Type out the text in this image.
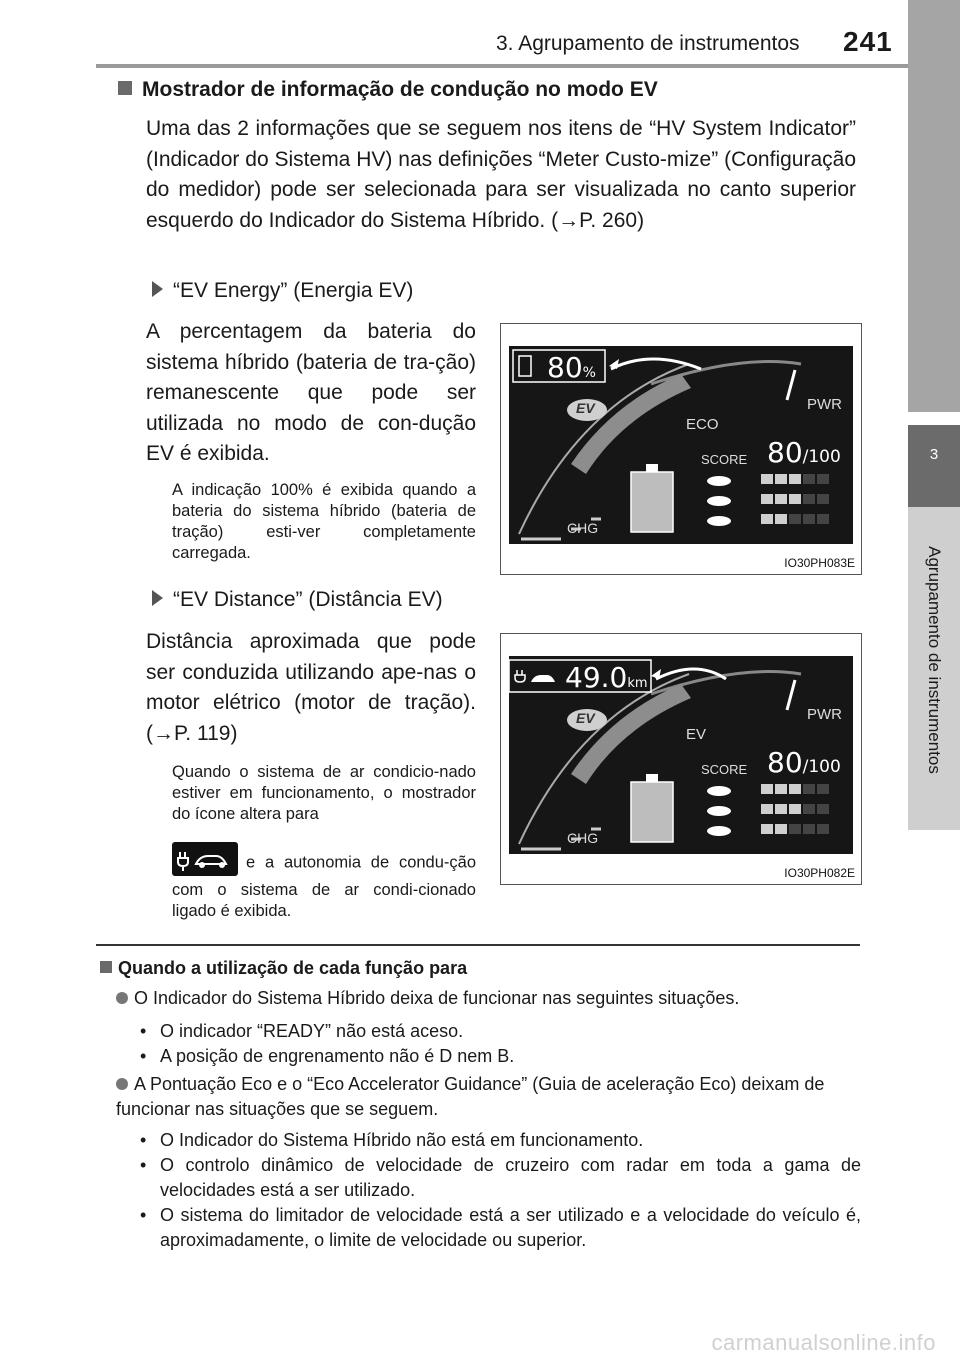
3. Agrupamento de instrumentos 241
3
Agrupamento de instrumentos
Mostrador de informação de condução no modo EV
Uma das 2 informações que se seguem nos itens de “HV System Indicator” (Indicador do Sistema HV) nas definições “Meter Custo-mize” (Configuração do medidor) pode ser selecionada para ser visualizada no canto superior esquerdo do Indicador do Sistema Híbrido. (→P. 260)
“EV Energy” (Energia EV)
A percentagem da bateria do sistema híbrido (bateria de tra-ção) remanescente que pode ser utilizada no modo de con-dução EV é exibida.
A indicação 100% é exibida quando a bateria do sistema híbrido (bateria de tração) esti-ver completamente carregada.
“EV Distance” (Distância EV)
Distância aproximada que pode ser conduzida utilizando ape-nas o motor elétrico (motor de tração). (→P. 119)
Quando o sistema de ar condicio-nado estiver em funcionamento, o mostrador do ícone altera para
e a autonomia de condu-ção com o sistema de ar condi-cionado ligado é exibida.
80%
EV
ECO
PWR
SCORE 80/100
CHG
IO30PH083E
49.0km
EV
EV
PWR
SCORE 80/100
CHG
IO30PH082E
Quando a utilização de cada função para
O Indicador do Sistema Híbrido deixa de funcionar nas seguintes situações.
• O indicador “READY” não está aceso.
• A posição de engrenamento não é D nem B.
A Pontuação Eco e o “Eco Accelerator Guidance” (Guia de aceleração Eco) deixam de funcionar nas situações que se seguem.
• O Indicador do Sistema Híbrido não está em funcionamento.
• O controlo dinâmico de velocidade de cruzeiro com radar em toda a gama de velocidades está a ser utilizado.
• O sistema do limitador de velocidade está a ser utilizado e a velocidade do veículo é, aproximadamente, o limite de velocidade ou superior.
carmanualsonline.info
